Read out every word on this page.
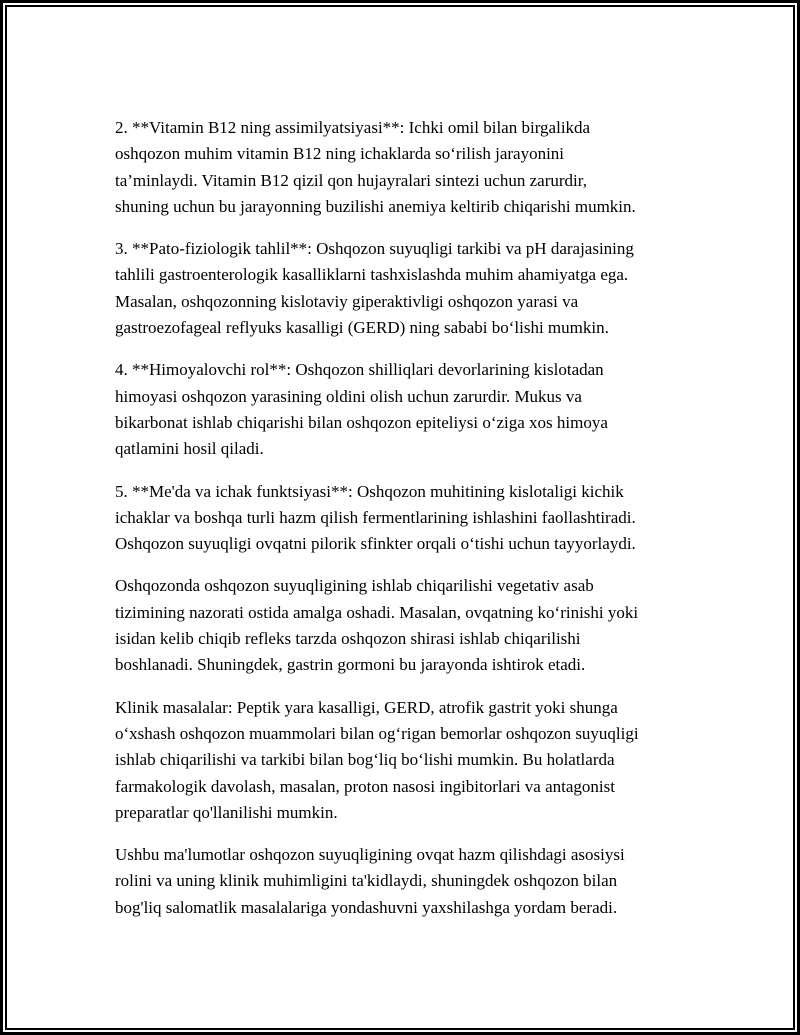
2. **Vitamin B12 ning assimilyatsiyasi**: Ichki omil bilan birgalikda
oshqozon muhim vitamin B12 ning ichaklarda so‘rilish jarayonini
ta’minlaydi. Vitamin B12 qizil qon hujayralari sintezi uchun zarurdir,
shuning uchun bu jarayonning buzilishi anemiya keltirib chiqarishi mumkin.

3. **Pato-fiziologik tahlil**: Oshqozon suyuqligi tarkibi va pH darajasining
tahlili gastroenterologik kasalliklarni tashxislashda muhim ahamiyatga ega.
Masalan, oshqozonning kislotaviy giperaktivligi oshqozon yarasi va
gastroezofageal reflyuks kasalligi (GERD) ning sababi bo‘lishi mumkin.

4. **Himoyalovchi rol**: Oshqozon shilliqlari devorlarining kislotadan
himoyasi oshqozon yarasining oldini olish uchun zarurdir. Mukus va
bikarbonat ishlab chiqarishi bilan oshqozon epiteliysi o‘ziga xos himoya
qatlamini hosil qiladi.

5. **Me'da va ichak funktsiyasi**: Oshqozon muhitining kislotaligi kichik
ichaklar va boshqa turli hazm qilish fermentlarining ishlashini faollashtiradi.
Oshqozon suyuqligi ovqatni pilorik sfinkter orqali o‘tishi uchun tayyorlaydi.

Oshqozonda oshqozon suyuqligining ishlab chiqarilishi vegetativ asab
tizimining nazorati ostida amalga oshadi. Masalan, ovqatning ko‘rinishi yoki
isidan kelib chiqib refleks tarzda oshqozon shirasi ishlab chiqarilishi
boshlanadi. Shuningdek, gastrin gormoni bu jarayonda ishtirok etadi.

Klinik masalalar: Peptik yara kasalligi, GERD, atrofik gastrit yoki shunga
o‘xshash oshqozon muammolari bilan og‘rigan bemorlar oshqozon suyuqligi
ishlab chiqarilishi va tarkibi bilan bog‘liq bo‘lishi mumkin. Bu holatlarda
farmakologik davolash, masalan, proton nasosi ingibitorlari va antagonist
preparatlar qo'llanilishi mumkin.

Ushbu ma'lumotlar oshqozon suyuqligining ovqat hazm qilishdagi asosiysi
rolini va uning klinik muhimligini ta'kidlaydi, shuningdek oshqozon bilan
bog'liq salomatlik masalalariga yondashuvni yaxshilashga yordam beradi.
